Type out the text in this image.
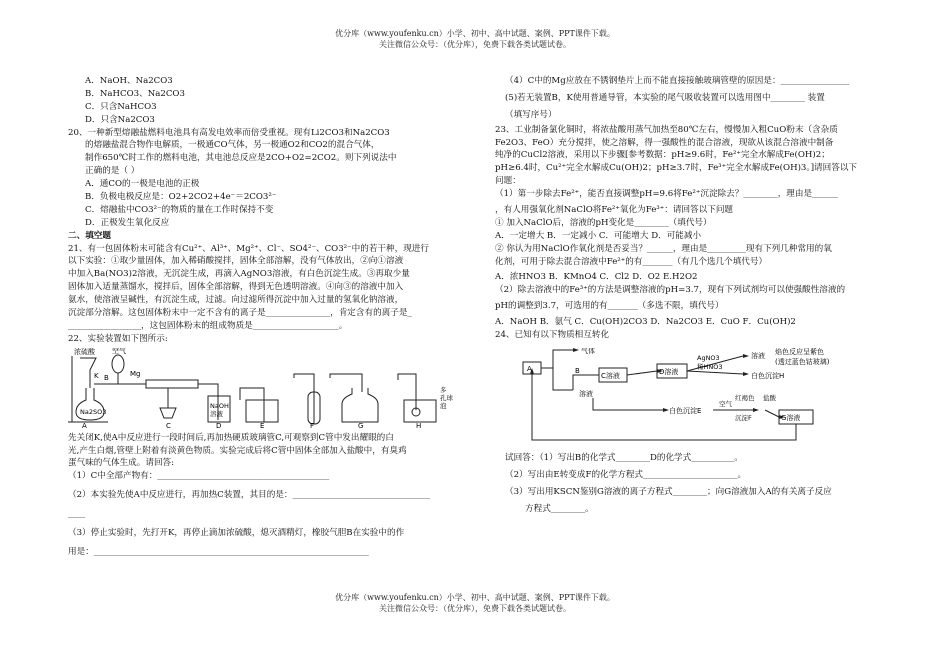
优分库（www.youfenku.cn）小学、初中、高中试题、案例、PPT课件下载。
关注微信公众号：（优分库），免费下载各类试题试卷。
A．NaOH、Na2CO3
B．NaHCO3、Na2CO3
C．只含NaHCO3
D．只含Na2CO3
20、一种新型熔融盐燃料电池具有高发电效率而倍受重视。现有Li2CO3和Na2CO3
的熔融盐混合物作电解质，一极通CO气体，另一极通O2和CO2的混合气体，
制作650℃时工作的燃料电池，其电池总反应是2CO+O2=2CO2。则下列说法中
正确的是（ ）
A．通CO的一极是电池的正极
B．负极电极反应是：O2+2CO2+4e⁻＝2CO3²⁻
C．熔融盐中CO3²⁻的物质的量在工作时保持不变
D．正极发生氧化反应
二、填空题
21、有一包固体粉末可能含有Cu²⁺、Al³⁺、Mg²⁺、Cl⁻、SO4²⁻、CO3²⁻中的若干种，现进行
以下实验：①取少量固体，加入稀硝酸搅拌，固体全部溶解，没有气体放出，②向①溶液
中加入Ba(NO3)2溶液，无沉淀生成，再滴入AgNO3溶液，有白色沉淀生成。③再取少量
固体加入适量蒸馏水，搅拌后，固体全部溶解，得到无色透明溶液。④向③的溶液中加入
氨水，使溶液呈碱性，有沉淀生成，过滤。向过滤所得沉淀中加入过量的氢氧化钠溶液，
沉淀部分溶解。这包固体粉末中一定不含有的离子是_______________，肯定含有的离子是_
_________________，这包固体粉末的组成物质是____________________。
22、实验装置如下图所示:
浓硫酸 空气
K	Mg
Na2SO3
NaOH
溶液
A
B
C	D	E	F	G	H
多
孔球
泡
先关闭K,使A中反应进行一段时间后,再加热硬质玻璃管C,可观察到C管中发出耀眼的白
光,产生白烟,管壁上附着有淡黄色物质。实验完成后将C管中固体全部加入盐酸中，有臭鸡
蛋气味的气体生成。请回答:
（1）C中全部产物有：________________________________________
（2）本实验先使A中反应进行，再加热C装置，其目的是：________________________________
____
（3）停止实验时，先打开K，再停止滴加浓硫酸，熄灭酒精灯，橡胶气胆B在实验中的作
用是：________________________________________________________________
（4）C中的Mg应放在不锈钢垫片上而不能直接接触玻璃管壁的原因是：________________
(5)若无装置B，K使用普通导管，本实验的尾气吸收装置可以选用图中________ 装置
（填写序号）
23、工业制备氯化铜时，将浓盐酸用蒸气加热至80℃左右，慢慢加入粗CuO粉末（含杂质
Fe2O3、FeO）充分搅拌，使之溶解，得一强酸性的混合溶液，现欲从该混合溶液中制备
纯净的CuCl2溶液，采用以下步骤[参考数据：pH≥9.6时，Fe²⁺完全水解成Fe(OH)2；
pH≥6.4时，Cu²⁺完全水解成Cu(OH)2；pH≥3.7时，Fe³⁺完全水解成Fe(OH)3。]请回答以下
问题：
（1）第一步除去Fe²⁺，能否直接调整pH=9.6将Fe²⁺沉淀除去？________，理由是______
，有人用强氧化剂NaClO将Fe²⁺氧化为Fe³⁺：请回答以下问题
① 加入NaClO后，溶液的pH变化是________（填代号）
A．一定增大 B．一定减小 C．可能增大 D．可能减小
② 你认为用NaClO作氧化剂是否妥当？______，理由是_________现有下列几种常用的氧
化剂，可用于除去混合溶液中Fe²⁺的有_______（有几个选几个填代号）
A．浓HNO3 B．KMnO4 C．Cl2 D．O2 E.H2O2
（2）除去溶液中的Fe³⁺的方法是调整溶液的pH=3.7，现有下列试剂均可以使强酸性溶液的
pH的调整到3.7，可选用的有_______（多选不限，填代号）
A．NaOH B．氨气 C．Cu(OH)2CO3 D．Na2CO3 E．CuO F．Cu(OH)2
24、已知有以下物质相互转化
A
气体
B
C溶液	D溶液
AgNO3
稀HNO3
溶液 焰色反应呈紫色
(透过蓝色钴玻璃)
白色沉淀H
溶液
白色沉淀E
空气
红褐色
沉淀F
盐酸
G溶液
试回答：（1）写出B的化学式________D的化学式__________。
（2）写出由E转变成F的化学方程式______________________。
（3）写出用KSCN鉴别G溶液的离子方程式________；向G溶液加入A的有关离子反应
方程式________。
优分库（www.youfenku.cn）小学、初中、高中试题、案例、PPT课件下载。
关注微信公众号：（优分库），免费下载各类试题试卷。
